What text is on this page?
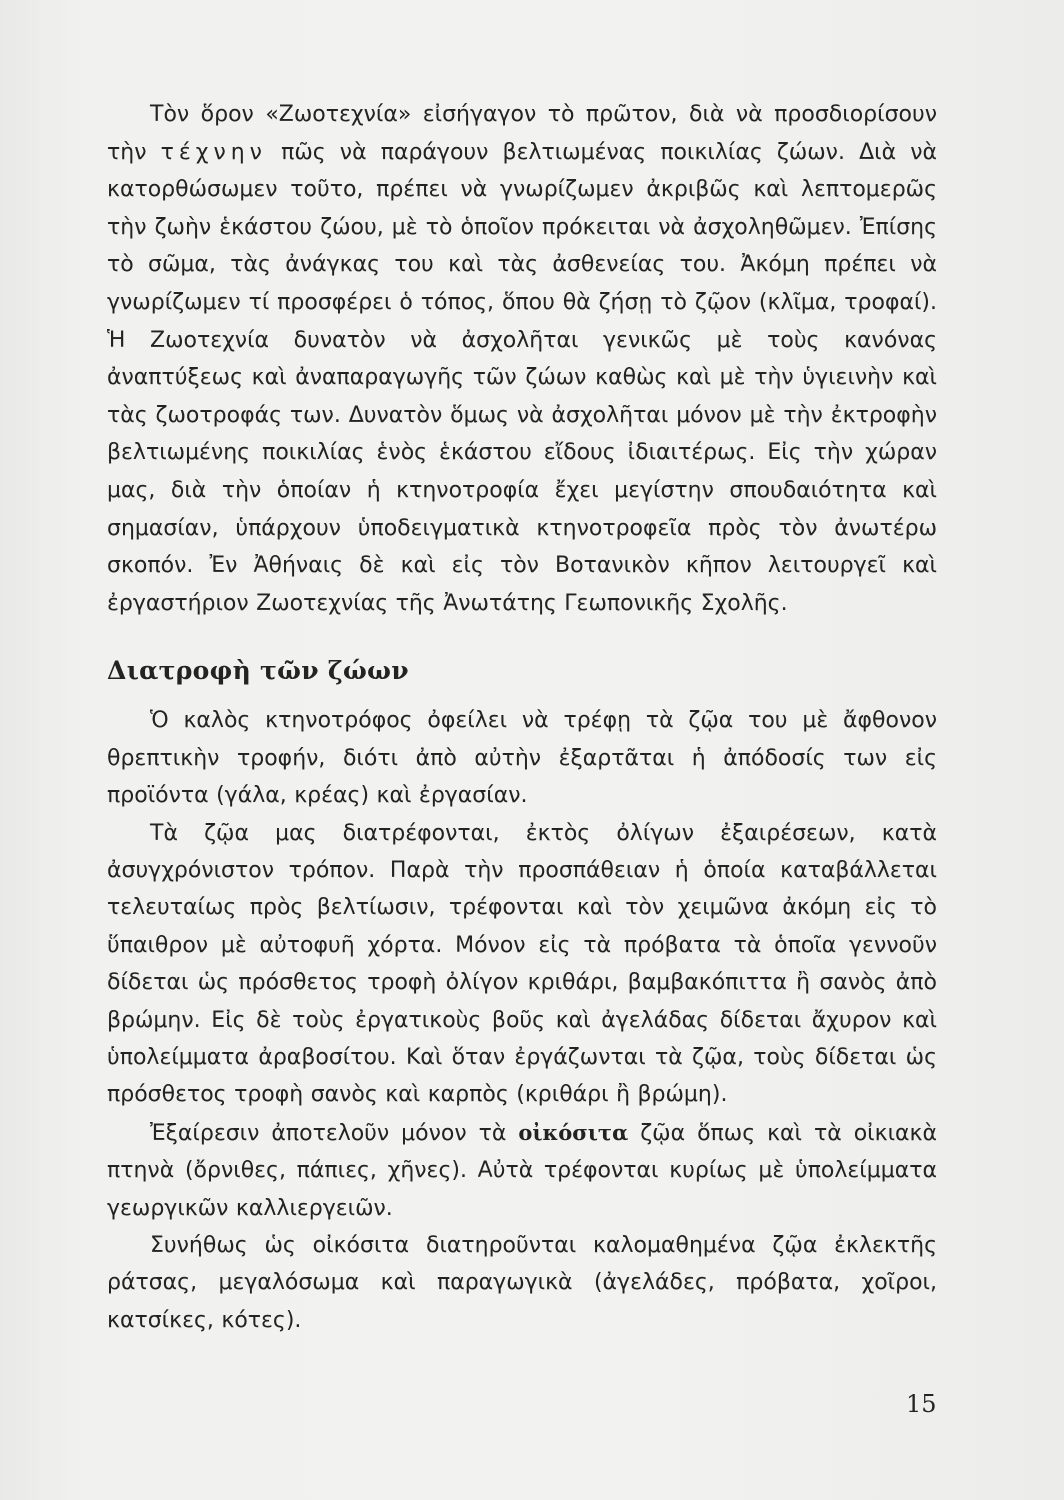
Τὸν ὅρον «Ζωοτεχνία» εἰσήγαγον τὸ πρῶτον, διὰ νὰ προσδιορίσουν τὴν τέχνην πῶς νὰ παράγουν βελτιωμένας ποικιλίας ζώων. Διὰ νὰ κατορθώσωμεν τοῦτο, πρέπει νὰ γνωρίζωμεν ἀκριβῶς καὶ λεπτομερῶς τὴν ζωὴν ἑκάστου ζώου, μὲ τὸ ὁποῖον πρόκειται νὰ ἀσχοληθῶμεν. Ἐπίσης τὸ σῶμα, τὰς ἀνάγκας του καὶ τὰς ἀσθενείας του. Ἀκόμη πρέπει νὰ γνωρίζωμεν τί προσφέρει ὁ τόπος, ὅπου θὰ ζήσῃ τὸ ζῷον (κλῖμα, τροφαί). Ἡ Ζωοτεχνία δυνατὸν νὰ ἀσχολῆται γενικῶς μὲ τοὺς κανόνας ἀναπτύξεως καὶ ἀναπαραγωγῆς τῶν ζώων καθὼς καὶ μὲ τὴν ὑγιεινὴν καὶ τὰς ζωοτροφάς των. Δυνατὸν ὅμως νὰ ἀσχολῆται μόνον μὲ τὴν ἐκτροφὴν βελτιωμένης ποικιλίας ἑνὸς ἑκάστου εἴδους ἰδιαιτέρως. Εἰς τὴν χώραν μας, διὰ τὴν ὁποίαν ἡ κτηνοτροφία ἔχει μεγίστην σπουδαιότητα καὶ σημασίαν, ὑπάρχουν ὑποδειγματικὰ κτηνοτροφεῖα πρὸς τὸν ἀνωτέρω σκοπόν. Ἐν Ἀθήναις δὲ καὶ εἰς τὸν Βοτανικὸν κῆπον λειτουργεῖ καὶ ἐργαστήριον Ζωοτεχνίας τῆς Ἀνωτάτης Γεωπονικῆς Σχολῆς.

Διατροφὴ τῶν ζώων

Ὁ καλὸς κτηνοτρόφος ὀφείλει νὰ τρέφῃ τὰ ζῷα του μὲ ἄφθονον θρεπτικὴν τροφήν, διότι ἀπὸ αὐτὴν ἐξαρτᾶται ἡ ἀπόδοσίς των εἰς προϊόντα (γάλα, κρέας) καὶ ἐργασίαν.

Τὰ ζῷα μας διατρέφονται, ἐκτὸς ὀλίγων ἐξαιρέσεων, κατὰ ἀσυγχρόνιστον τρόπον. Παρὰ τὴν προσπάθειαν ἡ ὁποία καταβάλλεται τελευταίως πρὸς βελτίωσιν, τρέφονται καὶ τὸν χειμῶνα ἀκόμη εἰς τὸ ὕπαιθρον μὲ αὐτοφυῆ χόρτα. Μόνον εἰς τὰ πρόβατα τὰ ὁποῖα γεννοῦν δίδεται ὡς πρόσθετος τροφὴ ὀλίγον κριθάρι, βαμβακόπιττα ἢ σανὸς ἀπὸ βρώμην. Εἰς δὲ τοὺς ἐργατικοὺς βοῦς καὶ ἀγελάδας δίδεται ἄχυρον καὶ ὑπολείμματα ἀραβοσίτου. Καὶ ὅταν ἐργάζωνται τὰ ζῷα, τοὺς δίδεται ὡς πρόσθετος τροφὴ σανὸς καὶ καρπὸς (κριθάρι ἢ βρώμη).

Ἐξαίρεσιν ἀποτελοῦν μόνον τὰ οἰκόσιτα ζῷα ὅπως καὶ τὰ οἰκιακὰ πτηνὰ (ὄρνιθες, πάπιες, χῆνες). Αὐτὰ τρέφονται κυρίως μὲ ὑπολείμματα γεωργικῶν καλλιεργειῶν.

Συνήθως ὡς οἰκόσιτα διατηροῦνται καλομαθημένα ζῷα ἐκλεκτῆς ράτσας, μεγαλόσωμα καὶ παραγωγικὰ (ἀγελάδες, πρόβατα, χοῖροι, κατσίκες, κότες).

15
